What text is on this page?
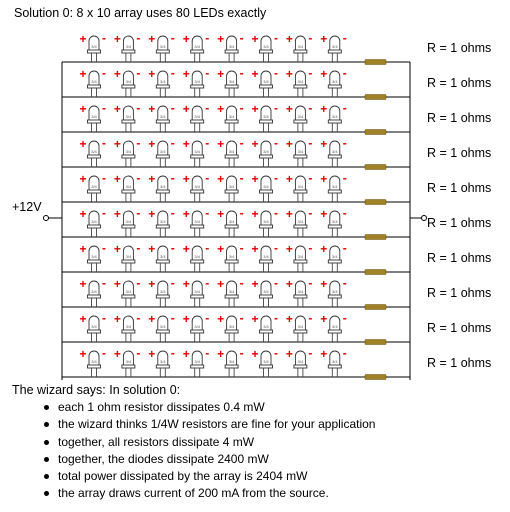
Solution 0: 8 x 10 array uses 80 LEDs exactly
3/4
+ -
3/4
+ -
3/4
+ -
3/4
+ -
3/4
+ -
3/4
+ -
3/4
+ -
3/4
+ -
R = 1 ohms
3/4
+ -
3/4
+ -
3/4
+ -
3/4
+ -
3/4
+ -
3/4
+ -
3/4
+ -
3/4
+ -
R = 1 ohms
3/4
+ -
3/4
+ -
3/4
+ -
3/4
+ -
3/4
+ -
3/4
+ -
3/4
+ -
3/4
+ -
R = 1 ohms
3/4
+ -
3/4
+ -
3/4
+ -
3/4
+ -
3/4
+ -
3/4
+ -
3/4
+ -
3/4
+ -
R = 1 ohms
3/4
+ -
3/4
+ -
3/4
+ -
3/4
+ -
3/4
+ -
3/4
+ -
3/4
+ -
3/4
+ -
R = 1 ohms
3/4
+ -
3/4
+ -
3/4
+ -
3/4
+ -
3/4
+ -
3/4
+ -
3/4
+ -
3/4
+ -
R = 1 ohms
3/4
+ -
3/4
+ -
3/4
+ -
3/4
+ -
3/4
+ -
3/4
+ -
3/4
+ -
3/4
+ -
R = 1 ohms
3/4
+ -
3/4
+ -
3/4
+ -
3/4
+ -
3/4
+ -
3/4
+ -
3/4
+ -
3/4
+ -
R = 1 ohms
3/4
+ -
3/4
+ -
3/4
+ -
3/4
+ -
3/4
+ -
3/4
+ -
3/4
+ -
3/4
+ -
R = 1 ohms
3/4
+ -
3/4
+ -
3/4
+ -
3/4
+ -
3/4
+ -
3/4
+ -
3/4
+ -
3/4
+ -
R = 1 ohms
+12V
The wizard says: In solution 0:
each 1 ohm resistor dissipates 0.4 mW
the wizard thinks 1/4W resistors are fine for your application
together, all resistors dissipate 4 mW
together, the diodes dissipate 2400 mW
total power dissipated by the array is 2404 mW
the array draws current of 200 mA from the source.
